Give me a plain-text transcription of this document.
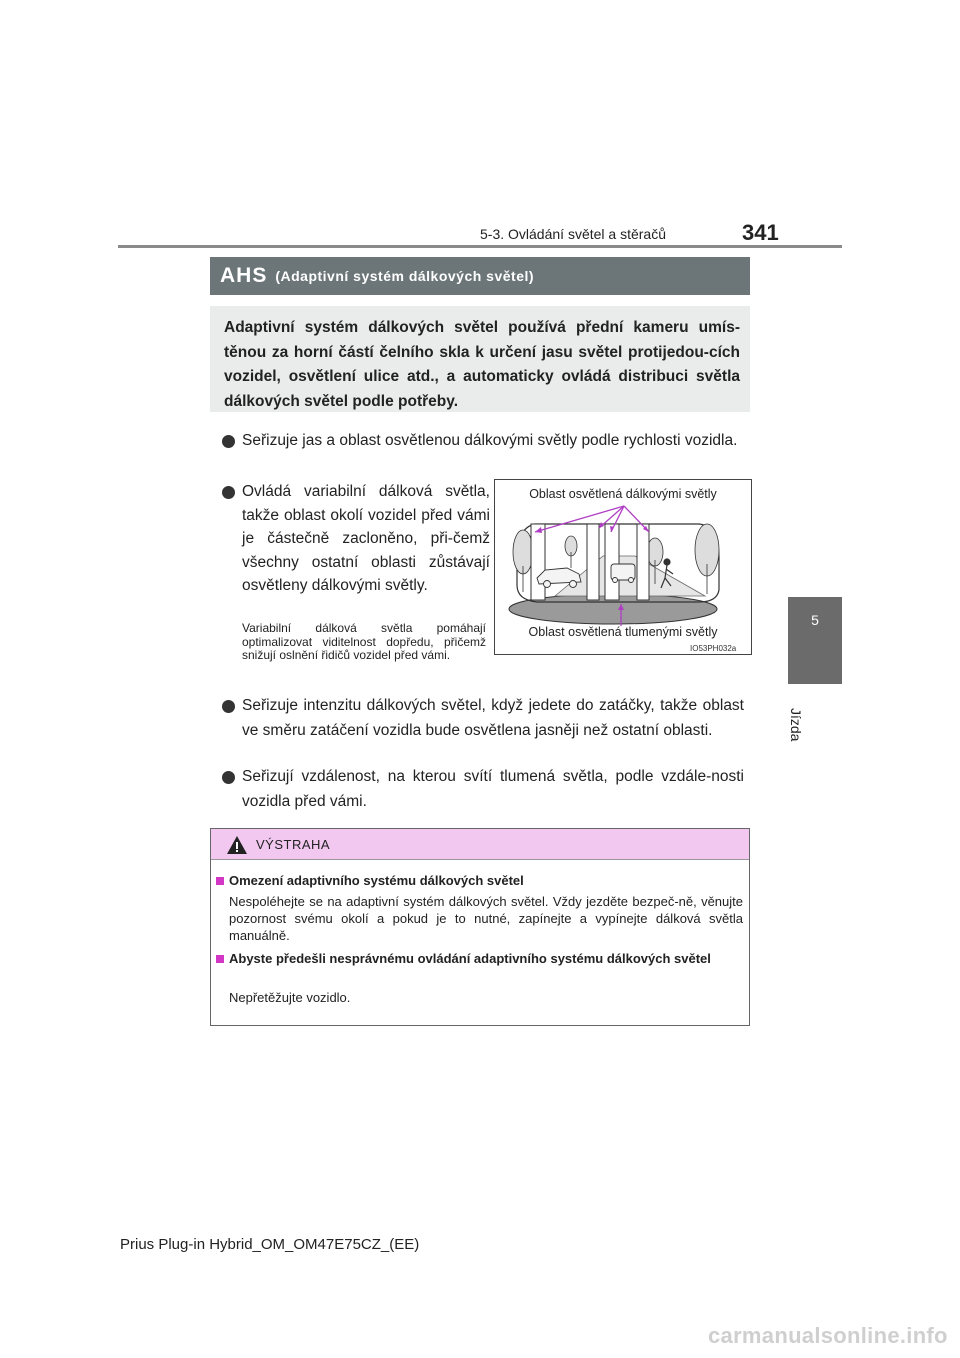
5-3. Ovládání světel a stěračů	341
5
Jízda
AHS (Adaptivní systém dálkových světel)
Adaptivní systém dálkových světel používá přední kameru umís-těnou za horní částí čelního skla k určení jasu světel protijedou-cích vozidel, osvětlení ulice atd., a automaticky ovládá distribuci světla dálkových světel podle potřeby.
Seřizuje jas a oblast osvětlenou dálkovými světly podle rychlosti vozidla.
Ovládá variabilní dálková světla, takže oblast okolí vozidel před vámi je částečně zacloněno, při-čemž všechny ostatní oblasti zůstávají osvětleny dálkovými světly.
Variabilní dálková světla pomáhají optimalizovat viditelnost dopředu, přičemž snižují oslnění řidičů vozidel před vámi.
Seřizuje intenzitu dálkových světel, když jedete do zatáčky, takže oblast ve směru zatáčení vozidla bude osvětlena jasněji než ostatní oblasti.
Seřizují vzdálenost, na kterou svítí tlumená světla, podle vzdále-nosti vozidla před vámi.
Oblast osvětlená dálkovými světly
Oblast osvětlená tlumenými světly
IO53PH032a
VÝSTRAHA
Omezení adaptivního systému dálkových světel
Nespoléhejte se na adaptivní systém dálkových světel. Vždy jezděte bezpeč-ně, věnujte pozornost svému okolí a pokud je to nutné, zapínejte a vypínejte dálková světla manuálně.
Abyste předešli nesprávnému ovládání adaptivního systému dálkových světel
Nepřetěžujte vozidlo.
Prius Plug-in Hybrid_OM_OM47E75CZ_(EE)
carmanualsonline.info
